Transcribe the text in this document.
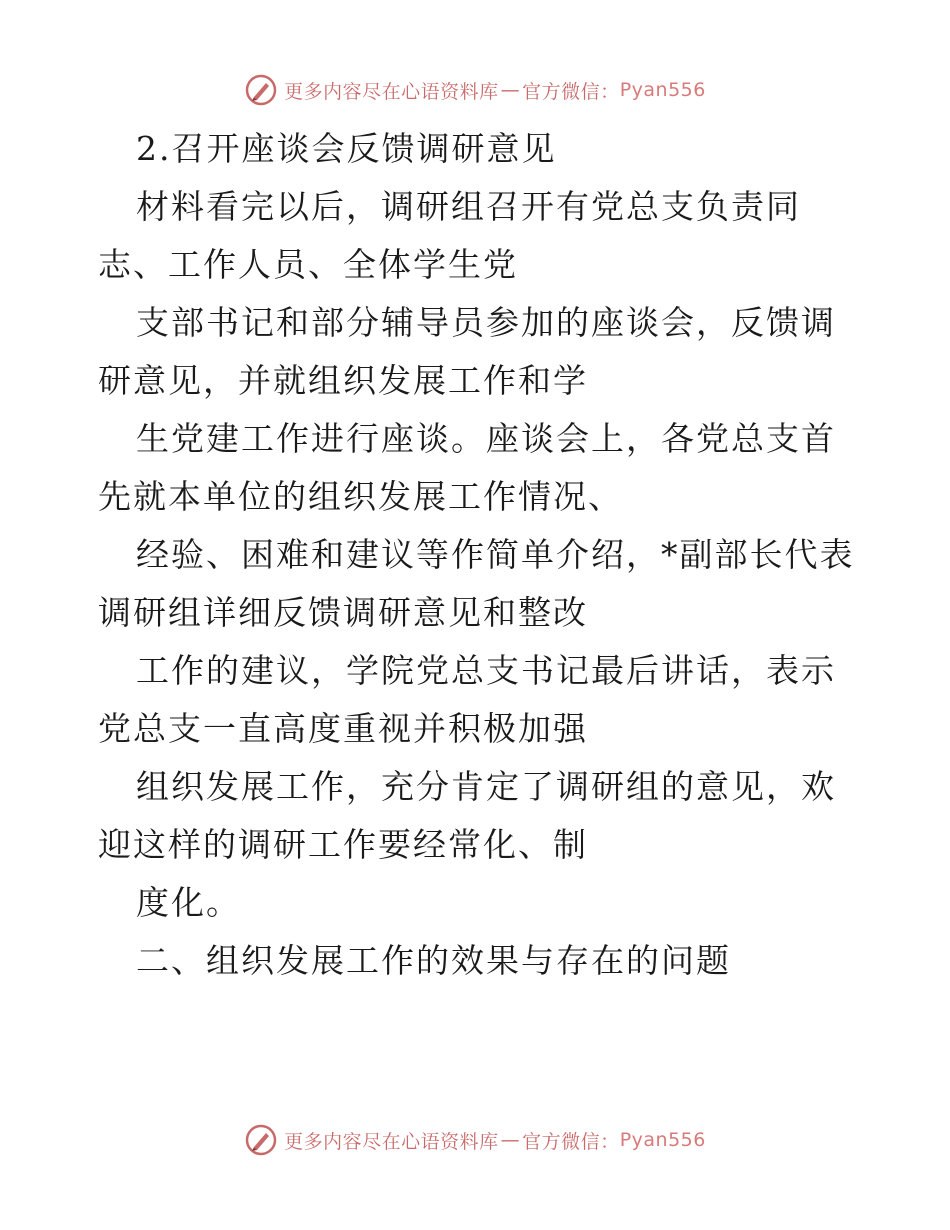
更多内容尽在心语资料库 — 官方微信： Pyan556

2.召开座谈会反馈调研意见

材料看完以后，调研组召开有党总支负责同志、工作人员、全体学生党

支部书记和部分辅导员参加的座谈会，反馈调研意见，并就组织发展工作和学

生党建工作进行座谈。座谈会上，各党总支首先就本单位的组织发展工作情况、

经验、困难和建议等作简单介绍，*副部长代表调研组详细反馈调研意见和整改

工作的建议，学院党总支书记最后讲话，表示党总支一直高度重视并积极加强

组织发展工作，充分肯定了调研组的意见，欢迎这样的调研工作要经常化、制

度化。

二、组织发展工作的效果与存在的问题

更多内容尽在心语资料库 — 官方微信： Pyan556
